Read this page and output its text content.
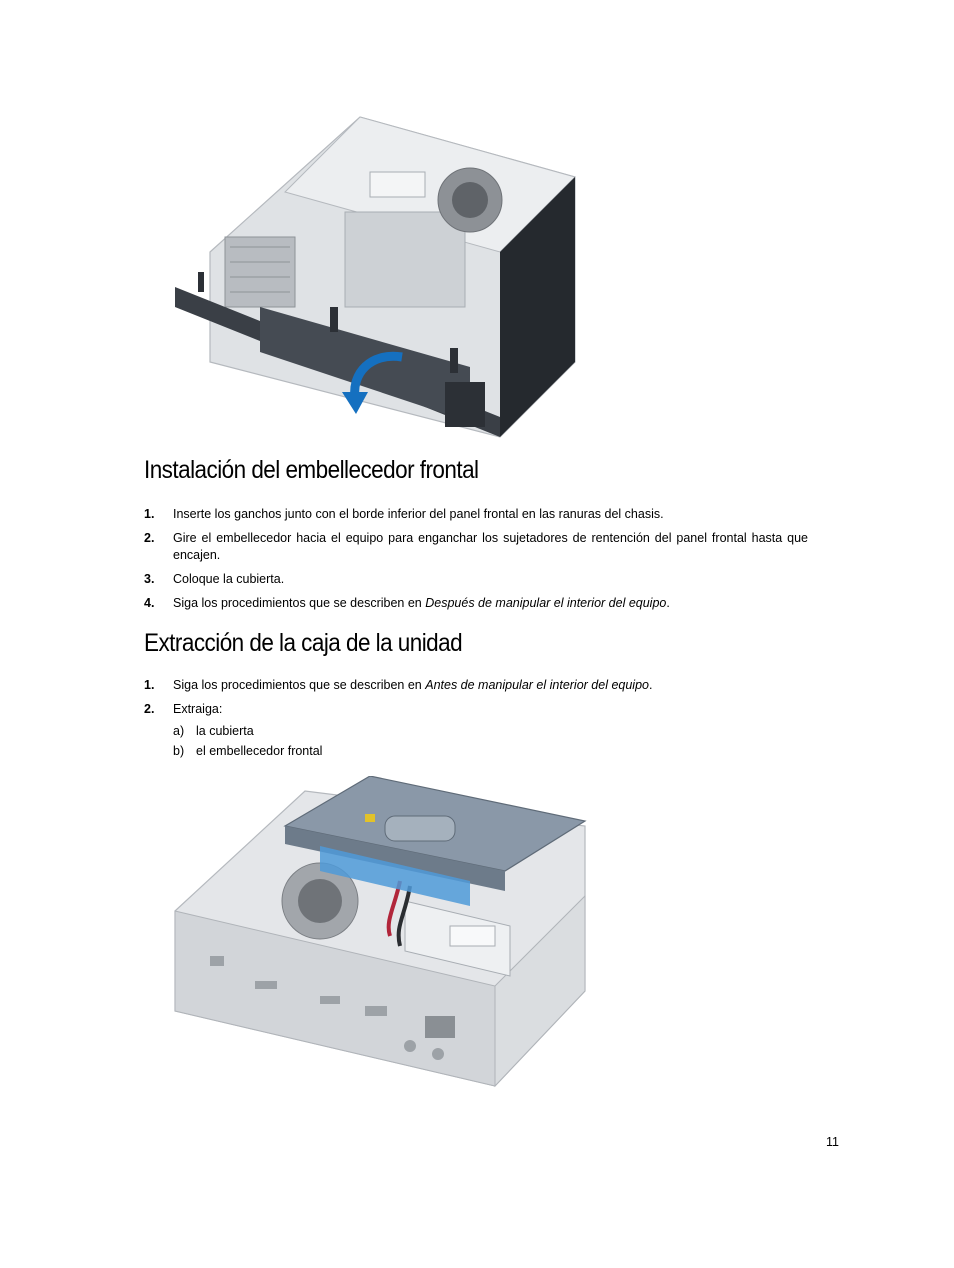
Instalación del embellecedor frontal
1. Inserte los ganchos junto con el borde inferior del panel frontal en las ranuras del chasis.
2. Gire el embellecedor hacia el equipo para enganchar los sujetadores de rentención del panel frontal hasta que encajen.
3. Coloque la cubierta.
4. Siga los procedimientos que se describen en Después de manipular el interior del equipo.
Extracción de la caja de la unidad
1. Siga los procedimientos que se describen en Antes de manipular el interior del equipo.
2. Extraiga:
a) la cubierta
b) el embellecedor frontal
11
